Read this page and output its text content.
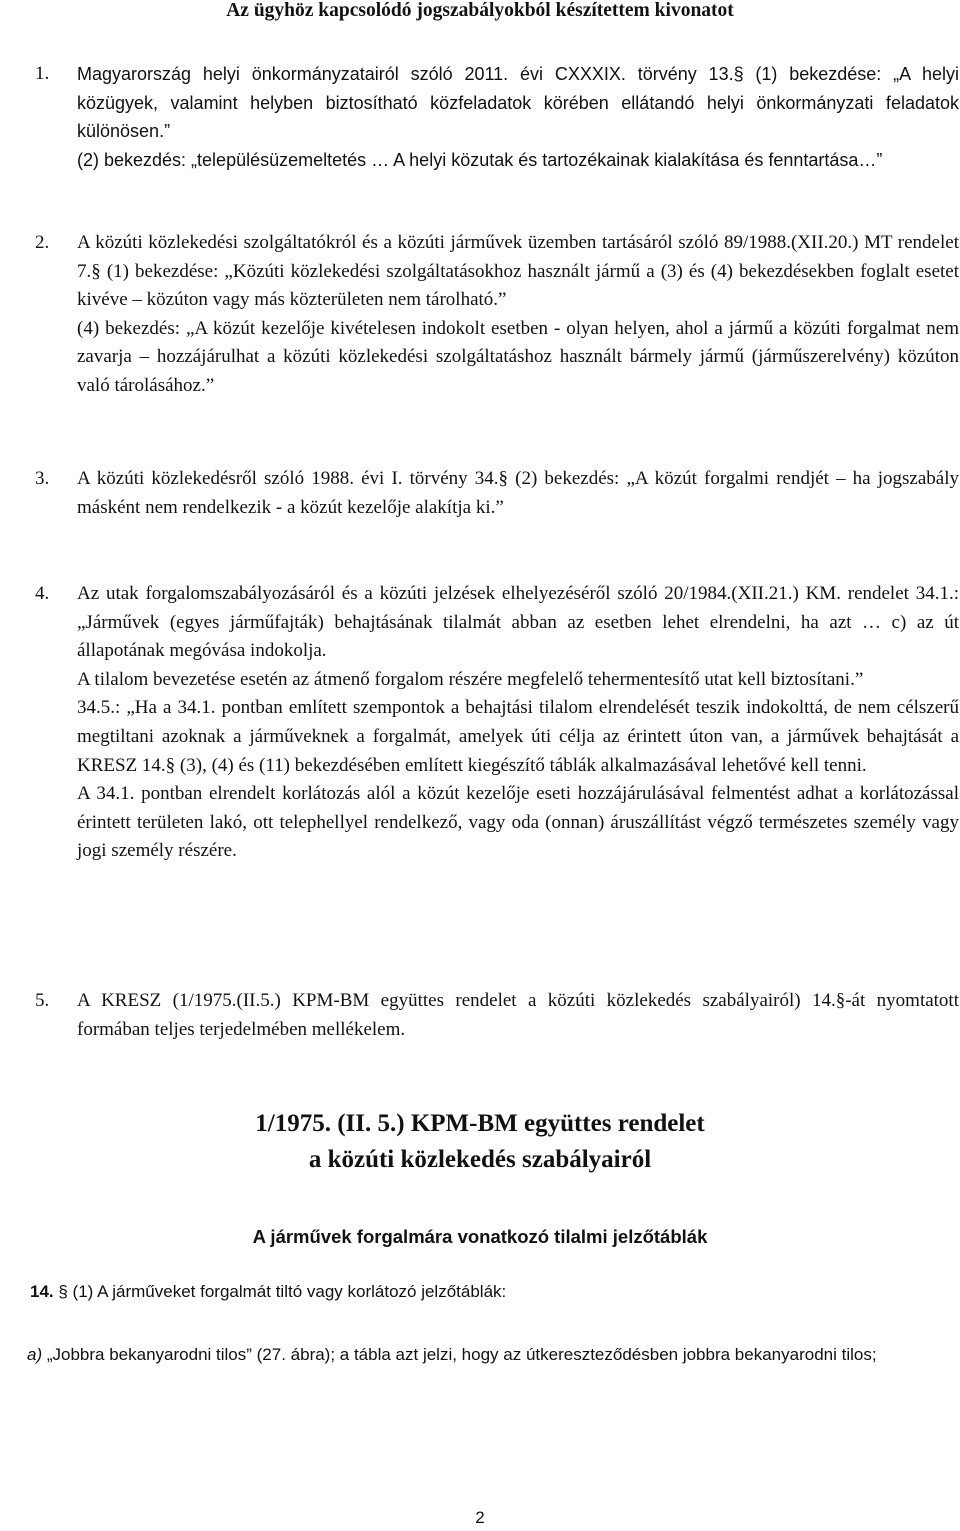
Az ügyhöz kapcsolódó jogszabályokból készítettem kivonatot
1.	Magyarország helyi önkormányzatairól szóló 2011. évi CXXXIX. törvény 13.§ (1) bekezdése: „A helyi közügyek, valamint helyben biztosítható közfeladatok körében ellátandó helyi önkormányzati feladatok különösen.”

(2) bekezdés: „településüzemeltetés … A helyi közutak és tartozékainak kialakítása és fenntartása…”

2.	A közúti közlekedési szolgáltatókról és a közúti járművek üzemben tartásáról szóló 89/1988.(XII.20.) MT rendelet 7.§ (1) bekezdése: „Közúti közlekedési szolgáltatásokhoz használt jármű a (3) és (4) bekezdésekben foglalt esetet kivéve – közúton vagy más közterületen nem tárolható.”

(4) bekezdés: „A közút kezelője kivételesen indokolt esetben - olyan helyen, ahol a jármű a közúti forgalmat nem zavarja – hozzájárulhat a közúti közlekedési szolgáltatáshoz használt bármely jármű (járműszerelvény) közúton való tárolásához.”

3.	A közúti közlekedésről szóló 1988. évi I. törvény 34.§ (2) bekezdés: „A közút forgalmi rendjét – ha jogszabály másként nem rendelkezik - a közút kezelője alakítja ki.”

4.	Az utak forgalomszabályozásáról és a közúti jelzések elhelyezéséről szóló 20/1984.(XII.21.) KM. rendelet 34.1.: „Járművek (egyes járműfajták) behajtásának tilalmát abban az esetben lehet elrendelni, ha azt … c) az út állapotának megóvása indokolja.

A tilalom bevezetése esetén az átmenő forgalom részére megfelelő tehermentesítő utat kell biztosítani.”

34.5.: „Ha a 34.1. pontban említett szempontok a behajtási tilalom elrendelését teszik indokolttá, de nem célszerű megtiltani azoknak a járműveknek a forgalmát, amelyek úti célja az érintett úton van, a járművek behajtását a KRESZ 14.§ (3), (4) és (11) bekezdésében említett kiegészítő táblák alkalmazásával lehetővé kell tenni.

A 34.1. pontban elrendelt korlátozás alól a közút kezelője eseti hozzájárulásával felmentést adhat a korlátozással érintett területen lakó, ott telephellyel rendelkező, vagy oda (onnan) áruszállítást végző természetes személy vagy jogi személy részére.

5.	A KRESZ (1/1975.(II.5.) KPM-BM együttes rendelet a közúti közlekedés szabályairól) 14.§-át nyomtatott formában teljes terjedelmében mellékelem.

1/1975. (II. 5.) KPM-BM együttes rendelet
a közúti közlekedés szabályairól
A járművek forgalmára vonatkozó tilalmi jelzőtáblák
14. § (1) A járműveket forgalmát tiltó vagy korlátozó jelzőtáblák:
a) „Jobbra bekanyarodni tilos” (27. ábra); a tábla azt jelzi, hogy az útkereszteződésben jobbra bekanyarodni tilos;
2
